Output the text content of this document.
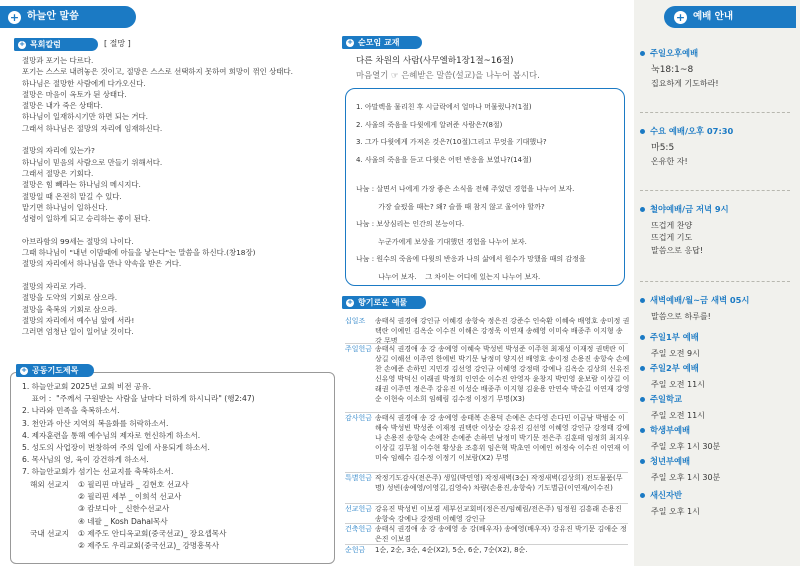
+ 하늘안 말씀
+ 목회칼럼	[ 절망 ]
절망과 포기는 다르다.
포기는 스스로 내려놓은 것이고, 절망은 스스로 선택하지 못하여 희망이 꺾인 상태다.
하나님은 절망한 사람에게 다가오신다.
절망은 마음이 옥토가 된 상태다.
절망은 내가 죽은 상태다.
하나님이 일재하시기만 하면 되는 거다.
그래서 하나님은 절망의 자리에 임재하신다.

절망의 자리에 있는가?
하나님이 믿음의 사람으로 만들기 위해서다.
그래서 절망은 기회다.
절망은 힘 빼라는 하나님의 메시지다.
절망일 때 온전히 맡길 수 있다.
맡기면 하나님이 일하신다.
성령이 일하게 되고 승리하는 좋이 된다.

아브라함의 99세는 절망의 나이다.
그때 하나님이 "내년 이맘때에 아들을 낳는다"는 말씀을 하신다.(창18장)
절망의 자리에서 하나님을 만나 약속을 받은 거다.

절망의 자리로 가라.
절망을 도약의 기회로 삼으라.
절망을 축복의 기회로 삼으라.
절망의 자리에서 예수님 앞에 서라!
그러면 엄청난 일이 일어날 것이다.
+ 공동기도제목
1. 하늘안교회 2025년 교회 비전 공유.
표어 :  "주께서 구원받는 사람을 날마다 더하게 하시니라" (행2:47)
2. 나라와 민족을 축복하소서.
3. 천안과 아산 지역의 복음화를 허락하소서.
4. 제자훈련을 통해 예수님의 제자로 헌신하게 하소서.
5. 성도의 사업장이 번창하여 주의 일에 사용되게 하소서.
6. 목사님의 영, 육이 강건하게 하소서.
7. 하늘안교회가 섬기는 선교지를 축복하소서.
해외 선교지	① 필리핀 마닐라 _ 김현호 선교사
② 필리핀 세부 _ 이희석 선교사
③ 캄보디아 _ 신한수선교사
④ 네팔 _ Kosh Dahal목사
국내 선교지	① 제주도 안디옥교회(중국선교)_ 장요셉목사
② 제주도 우리교회(중국선교)_ 강명흥목사
+ 순모임 교재
다른 차원의 사람(사무엘하1장1절~16절)
마음열기 ☞ 은혜받은 말씀(설교)을 나누어 봅시다.
1. 아말렉을 물리친 후 시글락에서 얼마나 머물렀나?(1절)
2. 사울의 죽음을 다윗에게 알려준 사람은?(8절)
3. 그가 다윗에게 가져온 것은?(10절)그리고 무엇을 기대했나?
4. 사울의 죽음을 듣고 다윗은 어떤 반응을 보였나?(14절)
나눔 : 살면서 나에게 가장 좋은 소식을 전해 주었던 경험을 나누어 보자.
가장 슬펐을 때는? 왜? 슬플 때 참지 않고 울어야 할까?
나눔 : 보상심리는 인간의 본능이다.
누군가에게 보상을 기대했던 경험을 나누어 보자.
나눔 : 원수의 죽음에 다윗의 반응과 나의 삶에서 원수가 망했을 때의 감정을
나누어 보자.    그 차이는 어디에 있는지 나누어 보자.
+ 향기로운 예물
십일조	송태식 권경애 강인규 이혜경 송항숙 정은진 강준수 인숙환 이혜숙 배영호 송미정 권택란 이예인 김옥순 이수진 이해은 강정욱 이연재 송혜영 이미숙 배종주 이지형 송 강 무명
주일헌금 송태식 권경애 송 강 송예영 이혜숙 박성빈 박성준 이주현 최재성 이재정 권택란 이상길 이해선 이주연 한에빈 박기문 남정미 양지선 배영호 송이정 손용진 송항숙 손예찬 손예준 손하민 지민경 김선영 강인규 이혜영 강정태 강예나 김옥순 김상희 신유진 신유영 박덕신 이래권 박정희 인연순 이수진 안영자 윤창지 박민영 윤보람 이상길 이래권 이주연 정은주 강유진 이성순 배종주 이지형 김윤용 안연숙 박순길 이연재 강영순 이현숙 이소희 임혜림 김수정 이정기 무명(X3)
감사헌금 송태식 권경애 송 강 송예영 송태복 손용덕 손예은 손다영 손다민 이금남 박범순 이해숙 박성빈 박성준 이재정 권택란 이상순 강유진 김선영 이혜영 강인규 강정태 강예나 손용진 송항숙 손예찬 손예준 손하민 남정미 박기문 전은주 김훈태 임정희 최지우 이상길 김무철 이수현 황상윤 조흥위 임은혁 박초연 이예인 허정숙 이수진 이연재 이미숙 임혜수 김수정 이정기 이보람(X2) 무명
특별헌금 작정기도감사(전은주) 생일(박민영) 작정새벽(3순) 작정새벽(김상희) 전도물품(무명) 성빈(송예영/이영길,김영숙) 차량(손용진,송항숙) 기도별금(이연재/이수진)
선교헌금 강유진 박성빈 이보겸 세부선교회비(정은진/임혜림/전은주) 임정원 김흥래 손용진 송항숙 강예나 강정태 이혜영 강인규
건축헌금 송태식 권경애 송 강 송예영 송 강(배우자) 송예영(배우자) 강유진 박기문 김애순 정은진 이보겸
순헌금	1순, 2순, 3순, 4순(X2), 5순, 6순, 7순(X2), 8순.
+ 예배 안내
주일오후예배
눅18:1~8
집요하게 기도하라!
수요 예배/오후 07:30
마5:5
온유한 자!
철야예배/금 저녁 9시
뜨겁게 찬양
뜨겁게 기도
말씀으로 응답!
새벽예배/월~금 새벽 05시
말씀으로 하루를!
주일1부 예배
주일 오전 9시
주일2부 예배
주일 오전 11시
주일학교
주일 오전 11시
학생부예배
주일 오후 1시 30분
청년부예배
주일 오후 1시 30분
새신자반
주일 오후 1시
